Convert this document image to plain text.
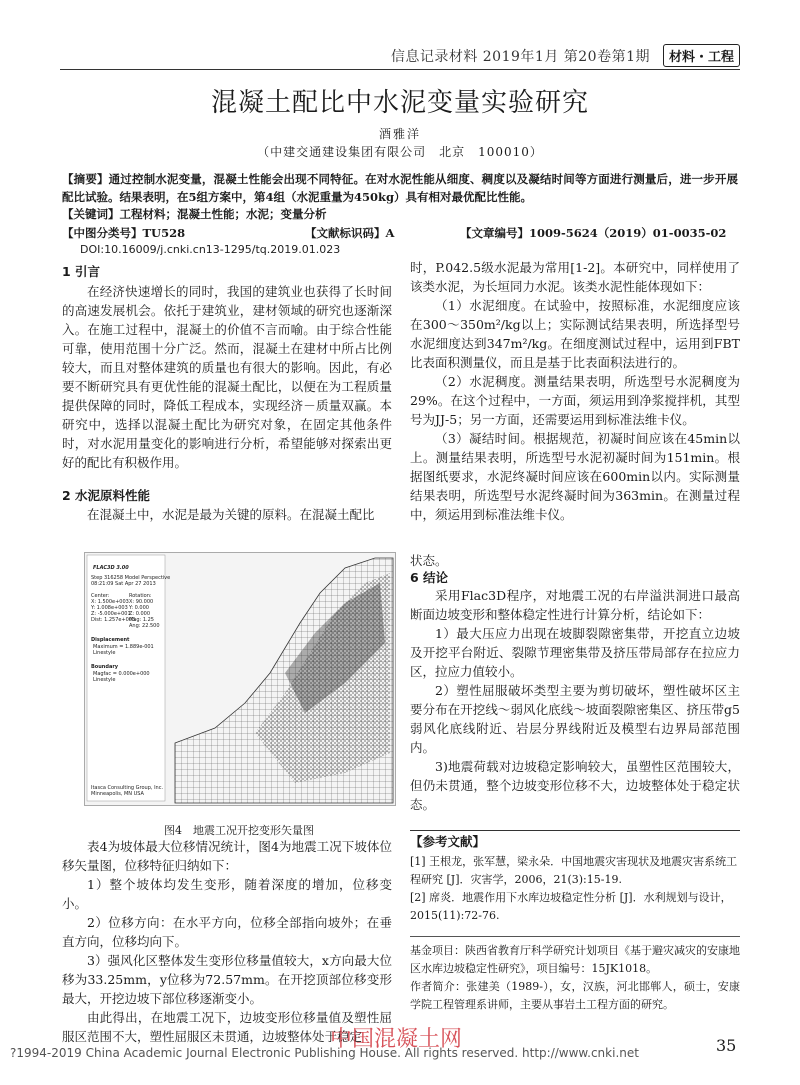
信息记录材料 2019年1月 第20卷第1期	材料・工程
混凝土配比中水泥变量实验研究
酒雅洋
（中建交通建设集团有限公司　北京　100010）
【摘要】通过控制水泥变量，混凝土性能会出现不同特征。在对水泥性能从细度、稠度以及凝结时间等方面进行测量后，进一步开展配比试验。结果表明，在5组方案中，第4组（水泥重量为450kg）具有相对最优配比性能。
【关键词】工程材料；混凝土性能；水泥；变量分析
【中图分类号】TU528	【文献标识码】A	【文章编号】1009-5624（2019）01-0035-02
DOI:10.16009/j.cnki.cn13-1295/tq.2019.01.023
1 引言

在经济快速增长的同时，我国的建筑业也获得了长时间的高速发展机会。依托于建筑业，建材领域的研究也逐渐深入。在施工过程中，混凝土的价值不言而喻。由于综合性能可靠，使用范围十分广泛。然而，混凝土在建材中所占比例较大，而且对整体建筑的质量也有很大的影响。因此，有必要不断研究具有更优性能的混凝土配比，以便在为工程质量提供保障的同时，降低工程成本，实现经济－质量双赢。本研究中，选择以混凝土配比为研究对象，在固定其他条件时，对水泥用量变化的影响进行分析，希望能够对探索出更好的配比有积极作用。

2 水泥原料性能

在混凝土中，水泥是最为关键的原料。在混凝土配比

时，P.042.5级水泥最为常用[1-2]。本研究中，同样使用了该类水泥，为长垣同力水泥。该类水泥性能体现如下：

（1）水泥细度。在试验中，按照标准，水泥细度应该在300～350m²/kg以上；实际测试结果表明，所选择型号水泥细度达到347m²/kg。在细度测试过程中，运用到FBT比表面积测量仪，而且是基于比表面积法进行的。

（2）水泥稠度。测量结果表明，所选型号水泥稠度为29%。在这个过程中，一方面，须运用到净浆搅拌机，其型号为JJ-5；另一方面，还需要运用到标准法维卡仪。

（3）凝结时间。根据规范，初凝时间应该在45min以上。测量结果表明，所选型号水泥初凝时间为151min。根据图纸要求，水泥终凝时间应该在600min以内。实际测量结果表明，所选型号水泥终凝时间为363min。在测量过程中，须运用到标准法维卡仪。

FLAC3D 3.00
Step 316258 Model Perspective
08:21:09 Sat Apr 27 2013
Center:
X: 1.500e+003
Y: 1.008e+003
Z: -5.000e+001
Dist: 1.257e+003
Rotation:
X: 90.000
Y: 0.000
Z: 0.000
Mag: 1.25
Ang: 22.500
Displacement
Maximum = 1.889e-001
Linestyle
Boundary
Magfac = 0.000e+000
Linestyle
Itasca Consulting Group, Inc.
Minneapolis, MN USA
图4　地震工况开挖变形矢量图

表4为坡体最大位移情况统计，图4为地震工况下坡体位移矢量图，位移特征归纳如下：

1）整个坡体均发生变形，随着深度的增加，位移变小。

2）位移方向：在水平方向，位移全部指向坡外；在垂直方向，位移均向下。

3）强风化区整体发生变形位移量值较大，x方向最大位移为33.25mm，y位移为72.57mm。在开挖顶部位移变形最大，开挖边坡下部位移逐渐变小。

由此得出，在地震工况下，边坡变形位移量值及塑性屈服区范围不大，塑性屈服区未贯通，边坡整体处于稳定

状态。

6 结论

采用Flac3D程序，对地震工况的右岸溢洪洞进口最高断面边坡变形和整体稳定性进行计算分析，结论如下：

1）最大压应力出现在坡脚裂隙密集带，开挖直立边坡及开挖平台附近、裂隙节理密集带及挤压带局部存在拉应力区，拉应力值较小。

2）塑性屈服破坏类型主要为剪切破坏，塑性破坏区主要分布在开挖线～弱风化底线～坡面裂隙密集区、挤压带g5弱风化底线附近、岩层分界线附近及模型右边界局部范围内。

3)地震荷载对边坡稳定影响较大，虽塑性区范围较大，但仍未贯通，整个边坡变形位移不大，边坡整体处于稳定状态。

【参考文献】
[1] 王根龙，张军慧，梁永朵．中国地震灾害现状及地震灾害系统工程研究 [J]．灾害学，2006，21(3):15-19.
[2] 席炎．地震作用下水库边坡稳定性分析 [J]．水利规划与设计，2015(11):72-76.
基金项目：陕西省教育厅科学研究计划项目《基于避灾减灾的安康地区水库边坡稳定性研究》，项目编号：15JK1018。
作者简介：张建美（1989-），女，汉族，河北邯郸人，硕士，安康学院工程管理系讲师，主要从事岩土工程方面的研究。
中国混凝土网
?1994-2019 China Academic Journal Electronic Publishing House. All rights reserved. http://www.cnki.net	35
